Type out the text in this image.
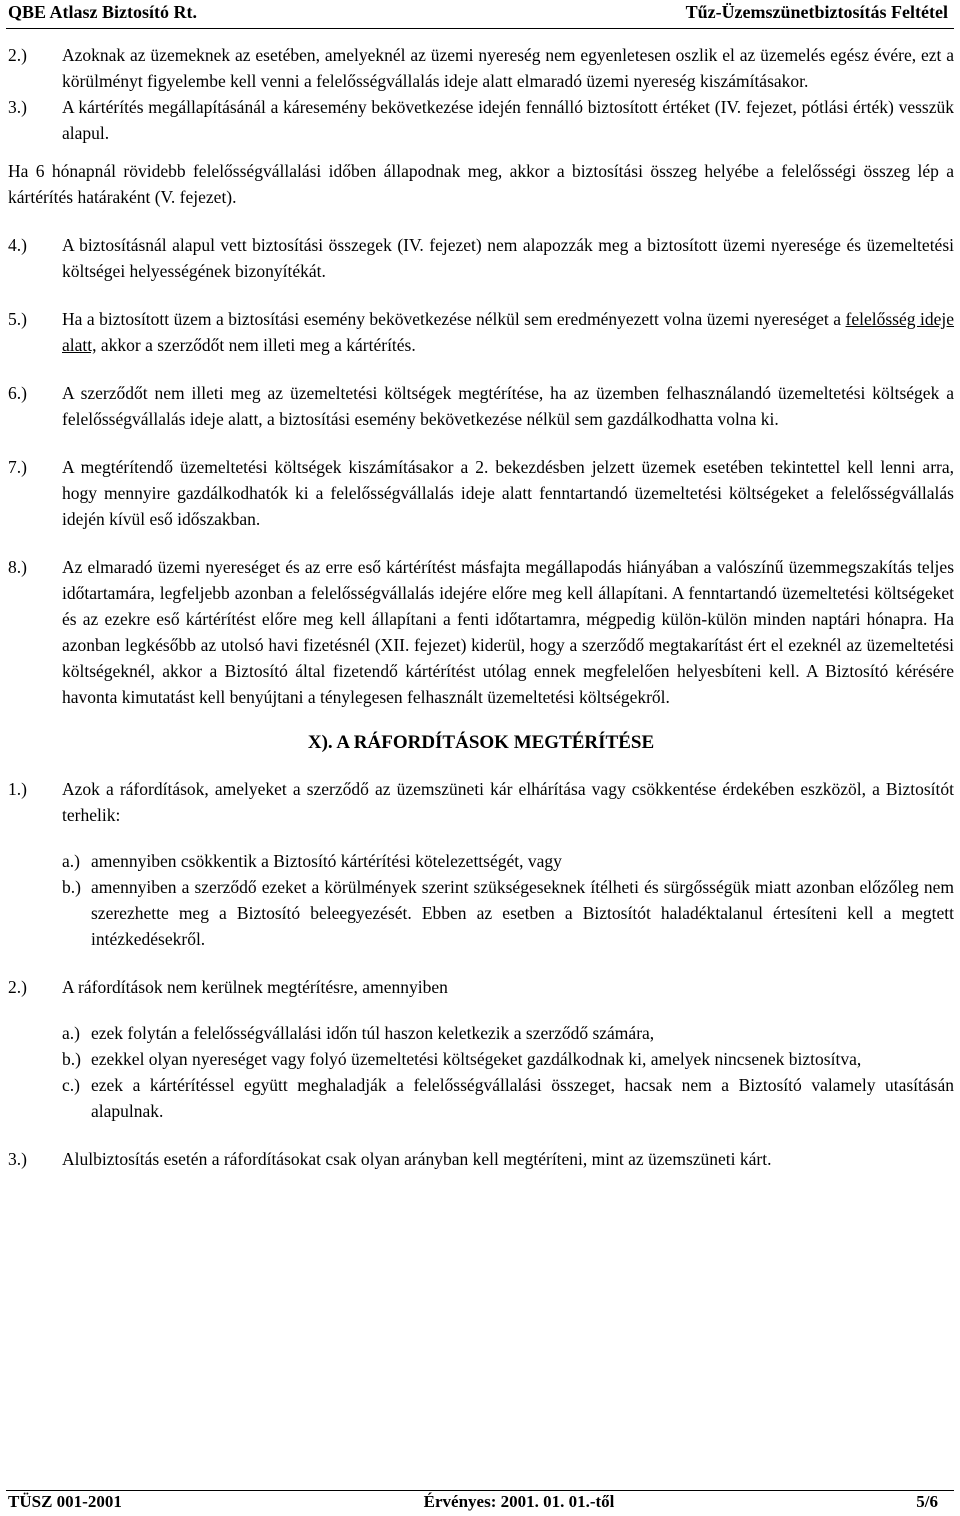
QBE Atlasz Biztosító Rt.	Tűz-Üzemszünetbiztosítás Feltétel
2.)	Azoknak az üzemeknek az esetében, amelyeknél az üzemi nyereség nem egyenletesen oszlik el az üzemelés egész évére, ezt a körülményt figyelembe kell venni a felelősségvállalás ideje alatt elmaradó üzemi nyereség kiszámításakor.
3.)	A kártérítés megállapításánál a káresemény bekövetkezése idején fennálló biztosított értéket (IV. fejezet, pótlási érték) vesszük alapul.
Ha 6 hónapnál rövidebb felelősségvállalási időben állapodnak meg, akkor a biztosítási összeg helyébe a felelősségi összeg lép a kártérítés határaként (V. fejezet).
4.)	A biztosításnál alapul vett biztosítási összegek (IV. fejezet) nem alapozzák meg a biztosított üzemi nyeresége és üzemeltetési költségei helyességének bizonyítékát.
5.)	Ha a biztosított üzem a biztosítási esemény bekövetkezése nélkül sem eredményezett volna üzemi nyereséget a felelősség ideje alatt, akkor a szerződőt nem illeti meg a kártérítés.
6.)	A szerződőt nem illeti meg az üzemeltetési költségek megtérítése, ha az üzemben felhasználandó üzemeltetési költségek a felelősségvállalás ideje alatt, a biztosítási esemény bekövetkezése nélkül sem gazdálkodhatta volna ki.
7.)	A megtérítendő üzemeltetési költségek kiszámításakor a 2. bekezdésben jelzett üzemek esetében tekintettel kell lenni arra, hogy mennyire gazdálkodhatók ki a felelősségvállalás ideje alatt fenntartandó üzemeltetési költségeket a felelősségvállalás idején kívül eső időszakban.
8.)	Az elmaradó üzemi nyereséget és az erre eső kártérítést másfajta megállapodás hiányában a valószínű üzemmegszakítás teljes időtartamára, legfeljebb azonban a felelősségvállalás idejére előre meg kell állapítani. A fenntartandó üzemeltetési költségeket és az ezekre eső kártérítést előre meg kell állapítani a fenti időtartamra, mégpedig külön-külön minden naptári hónapra. Ha azonban legkésőbb az utolsó havi fizetésnél (XII. fejezet) kiderül, hogy a szerződő megtakarítást ért el ezeknél az üzemeltetési költségeknél, akkor a Biztosító által fizetendő kártérítést utólag ennek megfelelően helyesbíteni kell. A Biztosító kérésére havonta kimutatást kell benyújtani a ténylegesen felhasznált üzemeltetési költségekről.
X). A RÁFORDÍTÁSOK MEGTÉRÍTÉSE
1.)	Azok a ráfordítások, amelyeket a szerződő az üzemszüneti kár elhárítása vagy csökkentése érdekében eszközöl, a Biztosítót terhelik:
a.) amennyiben csökkentik a Biztosító kártérítési kötelezettségét, vagy
b.) amennyiben a szerződő ezeket a körülmények szerint szükségeseknek ítélheti és sürgősségük miatt azonban előzőleg nem szerezhette meg a Biztosító beleegyezését. Ebben az esetben a Biztosítót haladéktalanul értesíteni kell a megtett intézkedésekről.
2.)	A ráfordítások nem kerülnek megtérítésre, amennyiben
a.) ezek folytán a felelősségvállalási időn túl haszon keletkezik a szerződő számára,
b.) ezekkel olyan nyereséget vagy folyó üzemeltetési költségeket gazdálkodnak ki, amelyek nincsenek biztosítva,
c.) ezek a kártérítéssel együtt meghaladják a felelősségvállalási összeget, hacsak nem a Biztosító valamely utasításán alapulnak.
3.)	Alulbiztosítás esetén a ráfordításokat csak olyan arányban kell megtéríteni, mint az üzemszüneti kárt.
TÜSZ 001-2001	Érvényes: 2001. 01. 01.-től	5/6
